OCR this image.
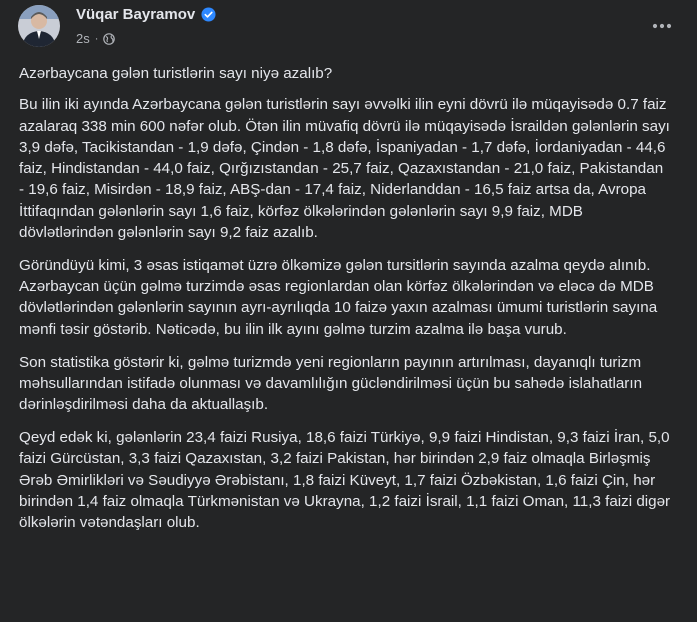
Vüqar Bayramov
2s ·

Azərbaycana gələn turistlərin sayı niyə azalıb?

Bu ilin iki ayında Azərbaycana gələn turistlərin sayı əvvəlki ilin eyni dövrü ilə müqayisədə 0.7 faiz azalaraq 338 min 600 nəfər olub. Ötən ilin müvafiq dövrü ilə müqayisədə İsraildən gələnlərin sayı 3,9 dəfə, Tacikistandan - 1,9 dəfə, Çindən - 1,8 dəfə, İspaniyadan - 1,7 dəfə, İordaniyadan - 44,6 faiz, Hindistandan - 44,0 faiz, Qırğızıstandan - 25,7 faiz, Qazaxıstandan - 21,0 faiz, Pakistandan - 19,6 faiz, Misirdən - 18,9 faiz, ABŞ-dan - 17,4 faiz, Niderlanddan - 16,5 faiz artsa da, Avropa İttifaqından gələnlərin sayı 1,6 faiz, körfəz ölkələrindən gələnlərin sayı 9,9 faiz, MDB dövlətlərindən gələnlərin sayı 9,2 faiz azalıb.

Göründüyü kimi, 3 əsas istiqamət üzrə ölkəmizə gələn tursitlərin sayında azalma qeydə alınıb. Azərbaycan üçün gəlmə turzimdə əsas regionlardan olan körfəz ölkələrindən və eləcə də MDB dövlətlərindən gələnlərin sayının ayrı-ayrılıqda 10 faizə yaxın azalması ümumi turistlərin sayına mənfi təsir göstərib. Nəticədə, bu ilin ilk ayını gəlmə turzim azalma ilə başa vurub.

Son statistika göstərir ki, gəlmə turizmdə yeni regionların payının artırılması, dayanıqlı turizm məhsullarından istifadə olunması və davamlılığın gücləndirilməsi üçün bu sahədə islahatların dərinləşdirilməsi daha da aktuallaşıb.

Qeyd edək ki, gələnlərin 23,4 faizi Rusiya, 18,6 faizi Türkiyə, 9,9 faizi Hindistan, 9,3 faizi İran, 5,0 faizi Gürcüstan, 3,3 faizi Qazaxıstan, 3,2 faizi Pakistan, hər birindən 2,9 faiz olmaqla Birləşmiş Ərəb Əmirlikləri və Səudiyyə Ərəbistanı, 1,8 faizi Küveyt, 1,7 faizi Özbəkistan, 1,6 faizi Çin, hər birindən 1,4 faiz olmaqla Türkmənistan və Ukrayna, 1,2 faizi İsrail, 1,1 faizi Oman, 11,3 faizi digər ölkələrin vətəndaşları olub.
